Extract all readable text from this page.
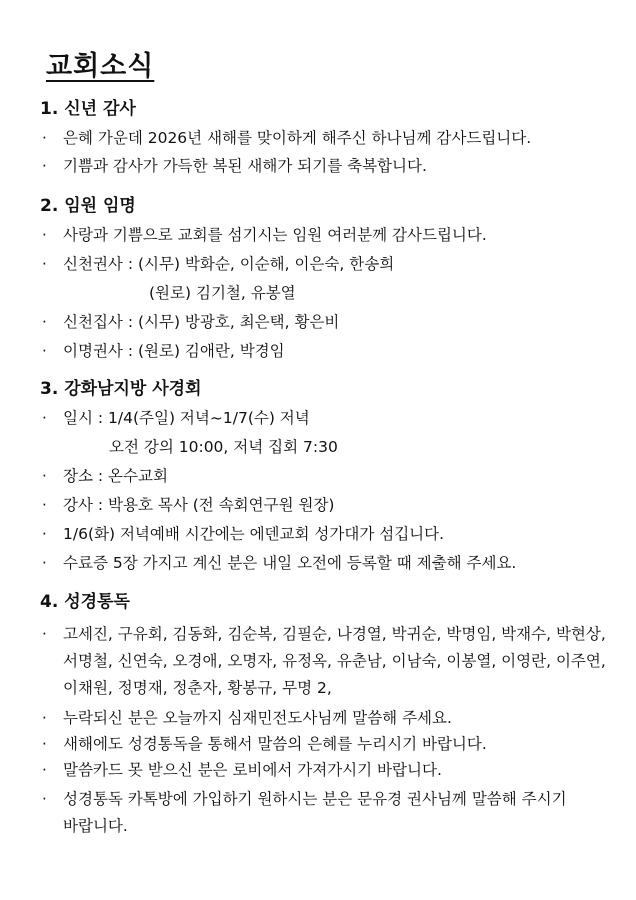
교회소식
1. 신년 감사
· 은혜 가운데 2026년 새해를 맞이하게 해주신 하나님께 감사드립니다.
· 기쁨과 감사가 가득한 복된 새해가 되기를 축복합니다.
2. 임원 임명
· 사랑과 기쁨으로 교회를 섬기시는 임원 여러분께 감사드립니다.
· 신천권사 : (시무) 박화순, 이순해, 이은숙, 한송희
(원로) 김기철, 유봉열
· 신천집사 : (시무) 방광호, 최은택, 황은비
· 이명권사 : (원로) 김애란, 박경임
3. 강화남지방 사경회
· 일시 : 1/4(주일) 저녁~1/7(수) 저녁
오전 강의 10:00, 저녁 집회 7:30
· 장소 : 온수교회
· 강사 : 박용호 목사 (전 속회연구원 원장)
· 1/6(화) 저녁예배 시간에는 에덴교회 성가대가 섬깁니다.
· 수료증 5장 가지고 계신 분은 내일 오전에 등록할 때 제출해 주세요.
4. 성경통독
· 고세진, 구유회, 김동화, 김순복, 김필순, 나경열, 박귀순, 박명임, 박재수, 박현상, 서명철, 신연숙, 오경애, 오명자, 유정옥, 유춘남, 이남숙, 이봉열, 이영란, 이주연, 이채원, 정명재, 정춘자, 황봉규, 무명 2,
· 누락되신 분은 오늘까지 심재민전도사님께 말씀해 주세요.
· 새해에도 성경통독을 통해서 말씀의 은혜를 누리시기 바랍니다.
· 말씀카드 못 받으신 분은 로비에서 가져가시기 바랍니다.
· 성경통독 카톡방에 가입하기 원하시는 분은 문유경 권사님께 말씀해 주시기 바랍니다.
